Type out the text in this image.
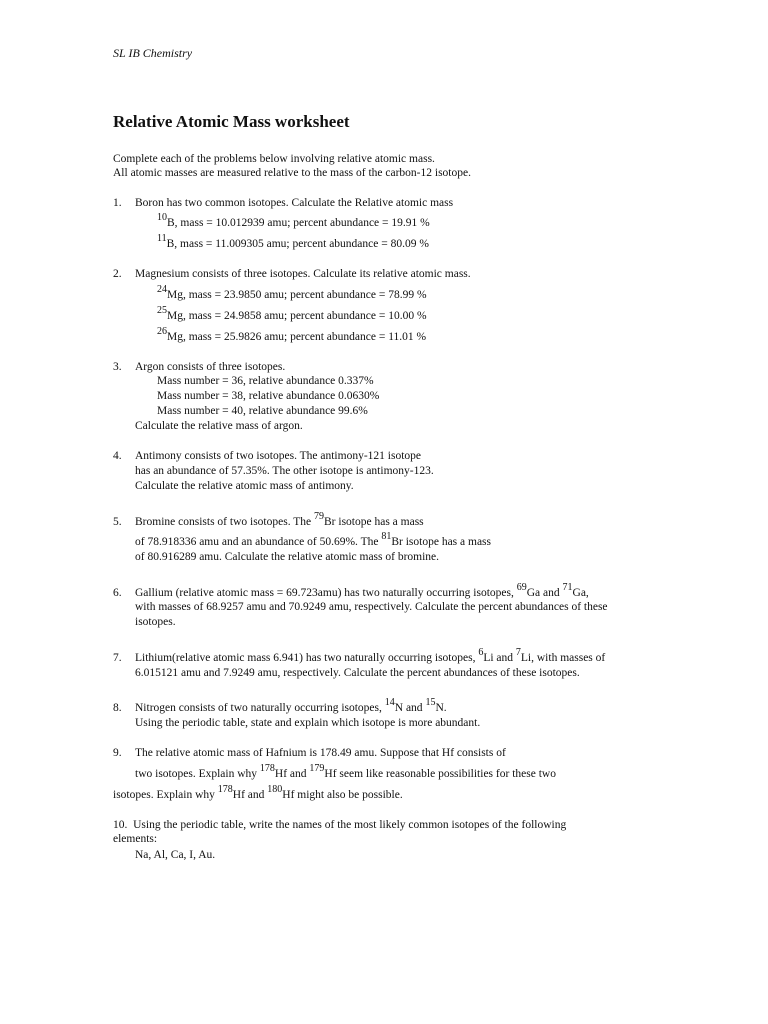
SL IB Chemistry
Relative Atomic Mass worksheet
Complete each of the problems below involving relative atomic mass.
All atomic masses are measured relative to the mass of the carbon-12 isotope.
1. Boron has two common isotopes. Calculate the Relative atomic mass
$^{10}$B, mass = 10.012939 amu; percent abundance = 19.91 %
$^{11}$B, mass = 11.009305 amu; percent abundance = 80.09 %
2. Magnesium consists of three isotopes. Calculate its relative atomic mass.
$^{24}$Mg, mass = 23.9850 amu; percent abundance = 78.99 %
$^{25}$Mg, mass = 24.9858 amu; percent abundance = 10.00 %
$^{26}$Mg, mass = 25.9826 amu; percent abundance = 11.01 %
3. Argon consists of three isotopes.
Mass number = 36, relative abundance 0.337%
Mass number = 38, relative abundance 0.0630%
Mass number = 40, relative abundance 99.6%
Calculate the relative mass of argon.
4. Antimony consists of two isotopes. The antimony-121 isotope
has an abundance of 57.35%. The other isotope is antimony-123.
Calculate the relative atomic mass of antimony.
5. Bromine consists of two isotopes. The $^{79}$Br isotope has a mass
of 78.918336 amu and an abundance of 50.69%. The $^{81}$Br isotope has a mass
of 80.916289 amu. Calculate the relative atomic mass of bromine.
6. Gallium (relative atomic mass = 69.723amu) has two naturally occurring isotopes, $^{69}$Ga and $^{71}$Ga,
with masses of 68.9257 amu and 70.9249 amu, respectively. Calculate the percent abundances of these
isotopes.
7. Lithium(relative atomic mass 6.941) has two naturally occurring isotopes, $^6$Li and $^7$Li, with masses of
6.015121 amu and 7.9249 amu, respectively. Calculate the percent abundances of these isotopes.
8. Nitrogen consists of two naturally occurring isotopes, $^{14}$N and $^{15}$N.
Using the periodic table, state and explain which isotope is more abundant.
9. The relative atomic mass of Hafnium is 178.49 amu. Suppose that Hf consists of
two isotopes. Explain why $^{178}$Hf and $^{179}$Hf seem like reasonable possibilities for these two
isotopes. Explain why $^{178}$Hf and $^{180}$Hf might also be possible.
10. Using the periodic table, write the names of the most likely common isotopes of the following
elements:
Na, Al, Ca, I, Au.
